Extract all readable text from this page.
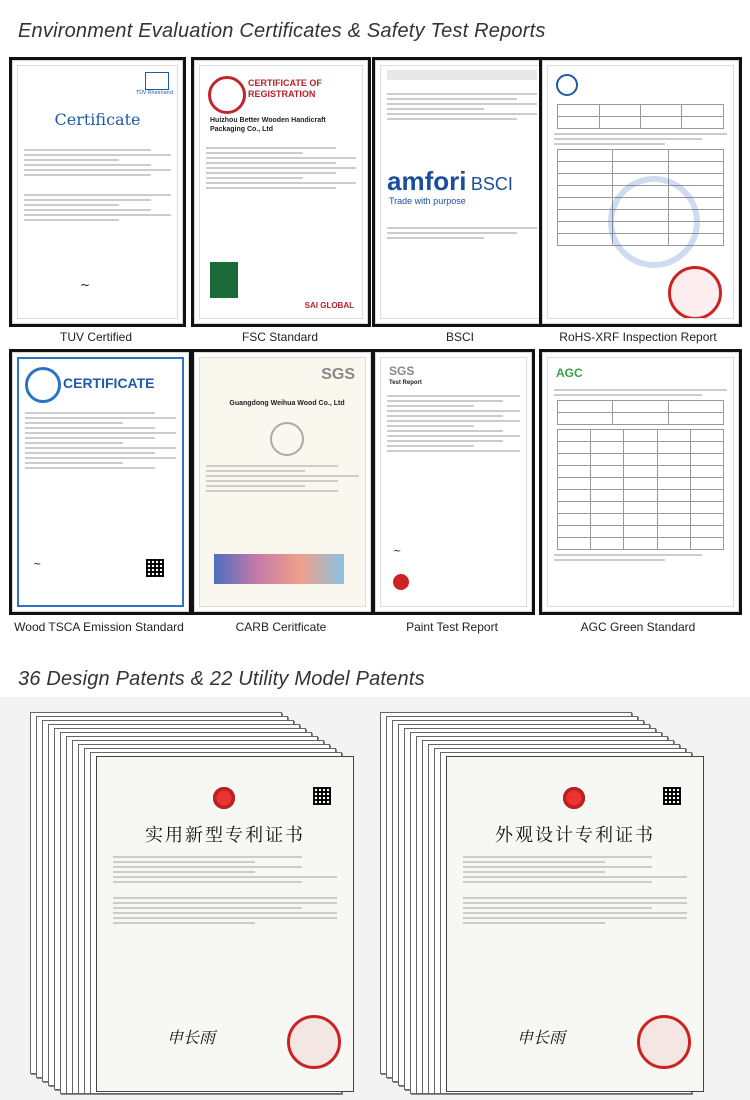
Environment Evaluation Certificates & Safety Test Reports
TÜV Rheinland
Certificate
~
TUV Certified
CERTIFICATE OF REGISTRATION
Huizhou Better Wooden Handicraft Packaging Co., Ltd
SAI GLOBAL
FSC Standard
amfori BSCI
Trade with purpose
BSCI

			RoHS-XRF Inspection Report
CERTIFICATE
~
Wood TSCA Emission Standard
SGS
Guangdong Weihua Wood Co., Ltd
CARB Ceritficate
SGS
Test Report
~
Paint Test Report
AGC

AGC Green Standard
36 Design Patents & 22 Utility Model Patents
实用新型专利证书
申长雨
外观设计专利证书
申长雨
